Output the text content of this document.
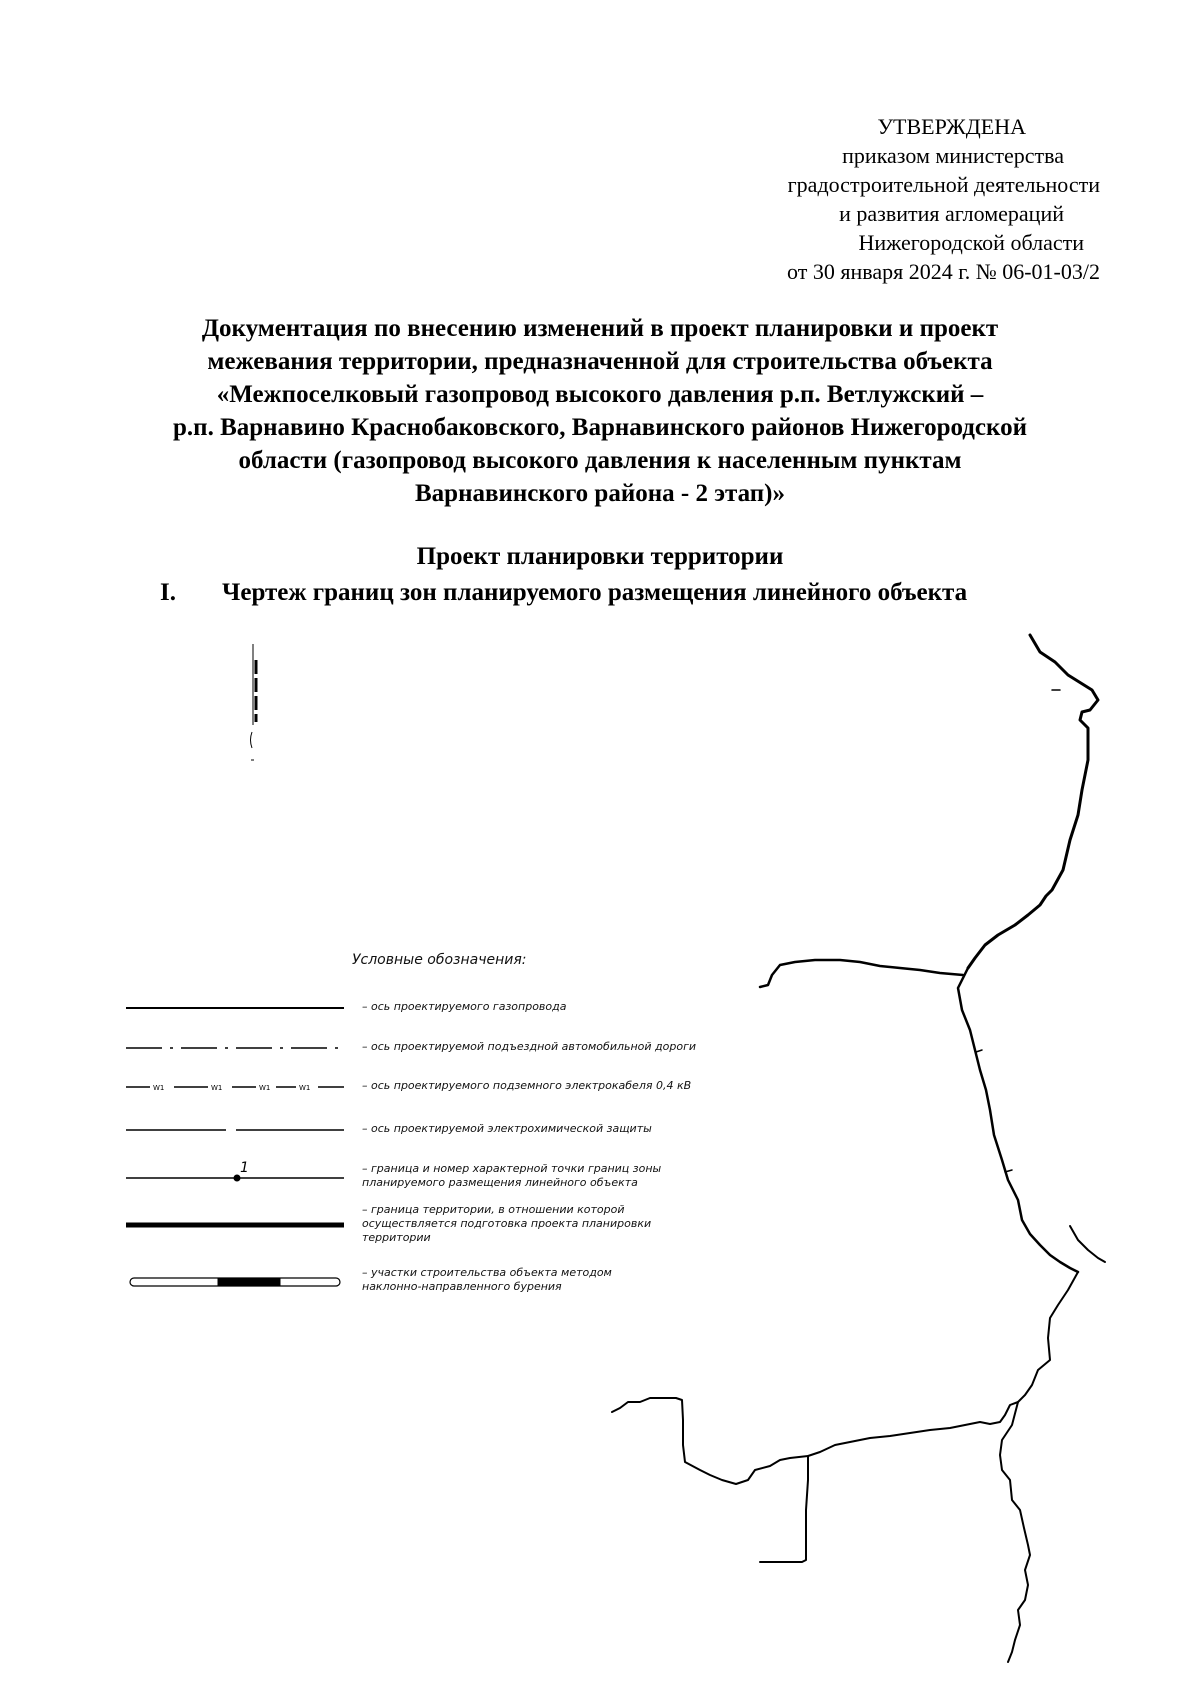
УТВЕРЖДЕНА
приказом министерства
градостроительной деятельности
и развития агломераций
Нижегородской области
от 30 января 2024 г. № 06-01-03/2
Документация по внесению изменений в проект планировки и проект
межевания территории, предназначенной для строительства объекта
«Межпоселковый газопровод высокого давления р.п. Ветлужский –
р.п. Варнавино Краснобаковского, Варнавинского районов Нижегородской
области (газопровод высокого давления к населенным пунктам
Варнавинского района - 2 этап)»
Проект планировки территории
I. Чертеж границ зон планируемого размещения линейного объекта
W1	W1	W1	W1
1
Условные обозначения:
– ось проектируемого газопровода
– ось проектируемой подъездной автомобильной дороги
– ось проектируемого подземного электрокабеля 0,4 кВ
– ось проектируемой электрохимической защиты
– граница и номер характерной точки границ зоны планируемого размещения линейного объекта
– граница территории, в отношении которой осуществляется подготовка проекта планировки территории
– участки строительства объекта методом наклонно-направленного бурения
